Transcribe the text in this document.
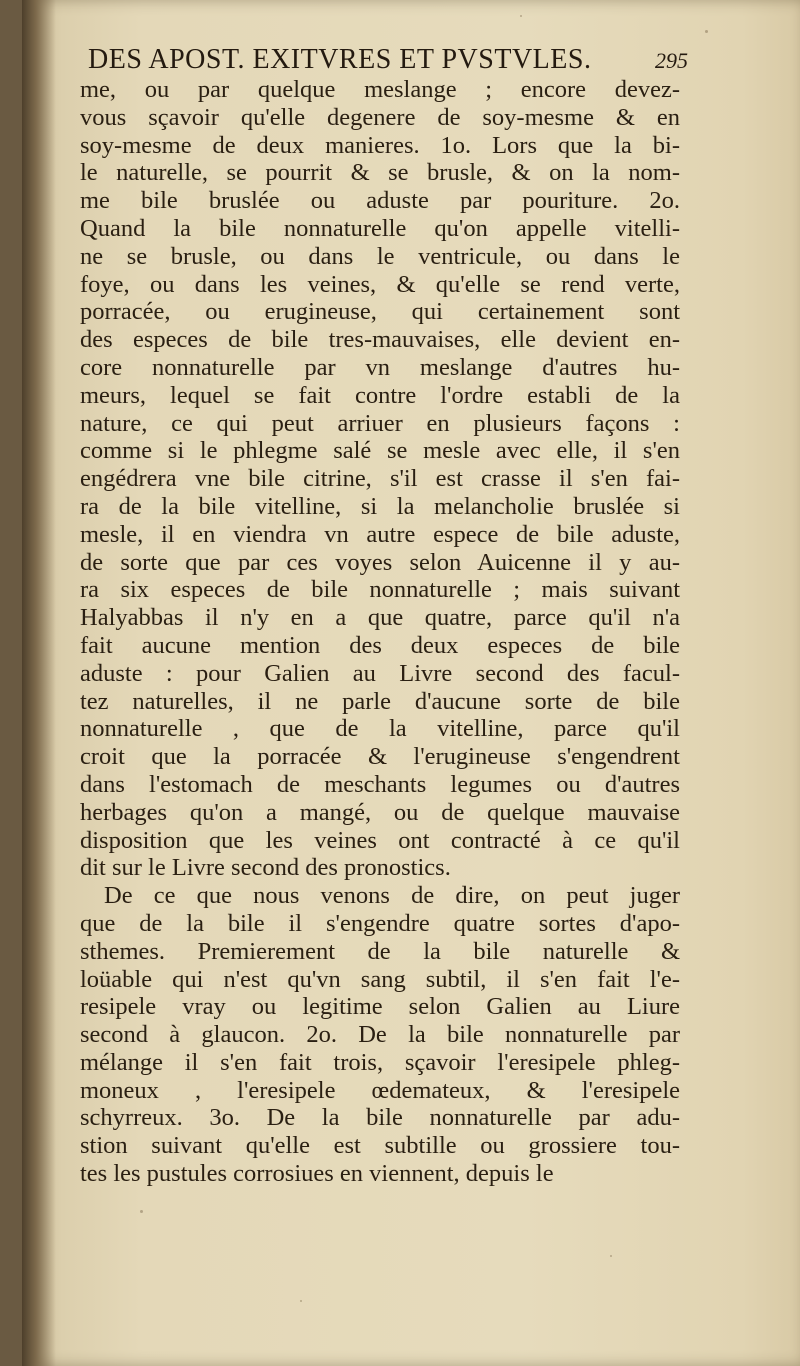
DES APOST. EXITVRES ET PVSTVLES.	295
me, ou par quelque meslange ; encore devez-
vous sçavoir qu'elle degenere de soy-mesme & en
soy-mesme de deux manieres. 1o. Lors que la bi-
le naturelle, se pourrit & se brusle, & on la nom-
me bile bruslée ou aduste par pouriture. 2o.
Quand la bile nonnaturelle qu'on appelle vitelli-
ne se brusle, ou dans le ventricule, ou dans le
foye, ou dans les veines, & qu'elle se rend verte,
porracée, ou erugineuse, qui certainement sont
des especes de bile tres-mauvaises, elle devient en-
core nonnaturelle par vn meslange d'autres hu-
meurs, lequel se fait contre l'ordre establi de la
nature, ce qui peut arriuer en plusieurs façons :
comme si le phlegme salé se mesle avec elle, il s'en
engédrera vne bile citrine, s'il est crasse il s'en fai-
ra de la bile vitelline, si la melancholie bruslée si
mesle, il en viendra vn autre espece de bile aduste,
de sorte que par ces voyes selon Auicenne il y au-
ra six especes de bile nonnaturelle ; mais suivant
Halyabbas il n'y en a que quatre, parce qu'il n'a
fait aucune mention des deux especes de bile
aduste : pour Galien au Livre second des facul-
tez naturelles, il ne parle d'aucune sorte de bile
nonnaturelle , que de la vitelline, parce qu'il
croit que la porracée & l'erugineuse s'engendrent
dans l'estomach de meschants legumes ou d'autres
herbages qu'on a mangé, ou de quelque mauvaise
disposition que les veines ont contracté à ce qu'il
dit sur le Livre second des pronostics.
De ce que nous venons de dire, on peut juger
que de la bile il s'engendre quatre sortes d'apo-
sthemes. Premierement de la bile naturelle &
loüable qui n'est qu'vn sang subtil, il s'en fait l'e-
resipele vray ou legitime selon Galien au Liure
second à glaucon. 2o. De la bile nonnaturelle par
mélange il s'en fait trois, sçavoir l'eresipele phleg-
moneux , l'eresipele œdemateux, & l'eresipele
schyrreux. 3o. De la bile nonnaturelle par adu-
stion suivant qu'elle est subtille ou grossiere tou-
tes les pustules corrosiues en viennent, depuis le
